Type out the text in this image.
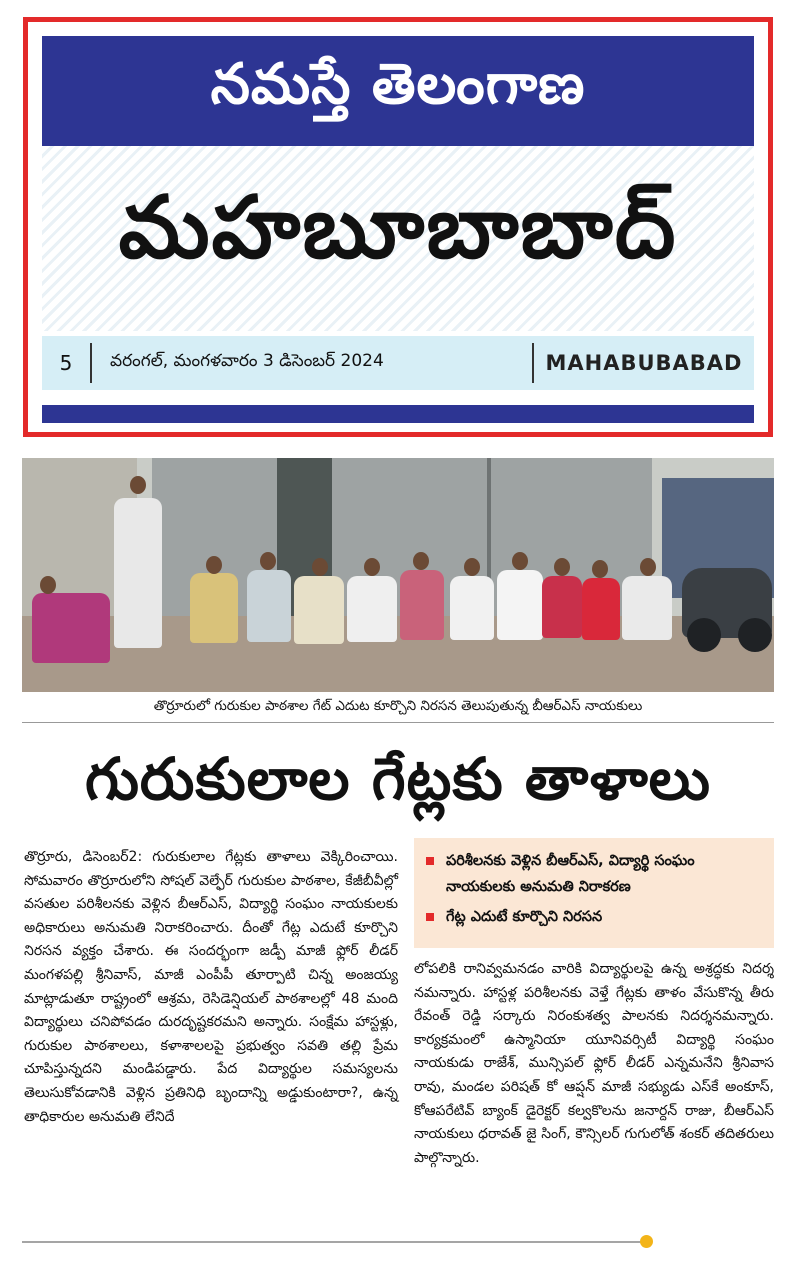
నమస్తే తెలంగాణ
మహబూబాబాద్
5	వరంగల్, మంగళవారం 3 డిసెంబర్ 2024	MAHABUBABAD
తొర్రూరులో గురుకుల పాఠశాల గేట్ ఎదుట కూర్చొని నిరసన తెలుపుతున్న బీఆర్ఎస్ నాయకులు
గురుకులాల గేట్లకు తాళాలు
పరిశీలనకు వెళ్లిన బీఆర్ఎస్, విద్యార్థి సంఘం నాయకులకు అనుమతి నిరాకరణ
గేట్ల ఎదుటే కూర్చొని నిరసన

తొర్రూరు, డిసెంబర్2: గురుకులాల గేట్లకు తాళాలు వెక్కిరించాయి. సోమవారం తొర్రూరులోని సోషల్ వెల్ఫేర్ గురుకుల పాఠశాల, కేజీబీవీల్లో వసతుల పరిశీలనకు వెళ్లిన బీఆర్ఎస్, విద్యార్థి సంఘం నాయకులకు అధికారులు అనుమతి నిరాకరించారు. దీంతో గేట్ల ఎదుటే కూర్చొని నిరసన వ్యక్తం చేశారు. ఈ సందర్భంగా జడ్పీ మాజీ ఫ్లోర్ లీడర్ మంగళపల్లి శ్రీనివాస్, మాజీ ఎంపీపీ తూర్పాటి చిన్న అంజయ్య మాట్లాడుతూ రాష్ట్రంలో ఆశ్రమ, రెసిడెన్షియల్ పాఠశాలల్లో 48 మంది విద్యార్థులు చనిపోవడం దురదృష్టకరమని అన్నారు. సంక్షేమ హాస్టళ్లు, గురుకుల పాఠశాలలు, కళాశాలలపై ప్రభుత్వం సవతి తల్లి ప్రేమ చూపిస్తున్నదని మండిపడ్డారు. పేద విద్యార్థుల సమస్యలను తెలుసుకోవడానికి వెళ్లిన ప్రతినిధి బృందాన్ని అడ్డుకుంటారా?, ఉన్న తాధికారుల అనుమతి లేనిదే

లోపలికి రానివ్వమనడం వారికి విద్యార్థులపై ఉన్న అశ్రద్ధకు నిదర్శ నమన్నారు. హాస్టళ్ల పరిశీలనకు వెళ్తే గేట్లకు తాళం వేసుకొన్న తీరు రేవంత్ రెడ్డి సర్కారు నిరంకుశత్వ పాలనకు నిదర్శనమన్నారు. కార్యక్రమంలో ఉస్మానియా యూనివర్సిటీ విద్యార్థి సంఘం నాయకుడు రాజేశ్, మున్సిపల్ ఫ్లోర్ లీడర్ ఎన్నమనేని శ్రీనివాస రావు, మండల పరిషత్ కో ఆప్షన్ మాజీ సభ్యుడు ఎస్‌కే అంకూస్, కోఆపరేటివ్ బ్యాంక్ డైరెక్టర్ కల్వకొలను జనార్దన్ రాజు, బీఆర్ఎస్ నాయకులు ధరావత్ జై సింగ్, కౌన్సిలర్ గుగులోత్ శంకర్ తదితరులు పాల్గొన్నారు.
